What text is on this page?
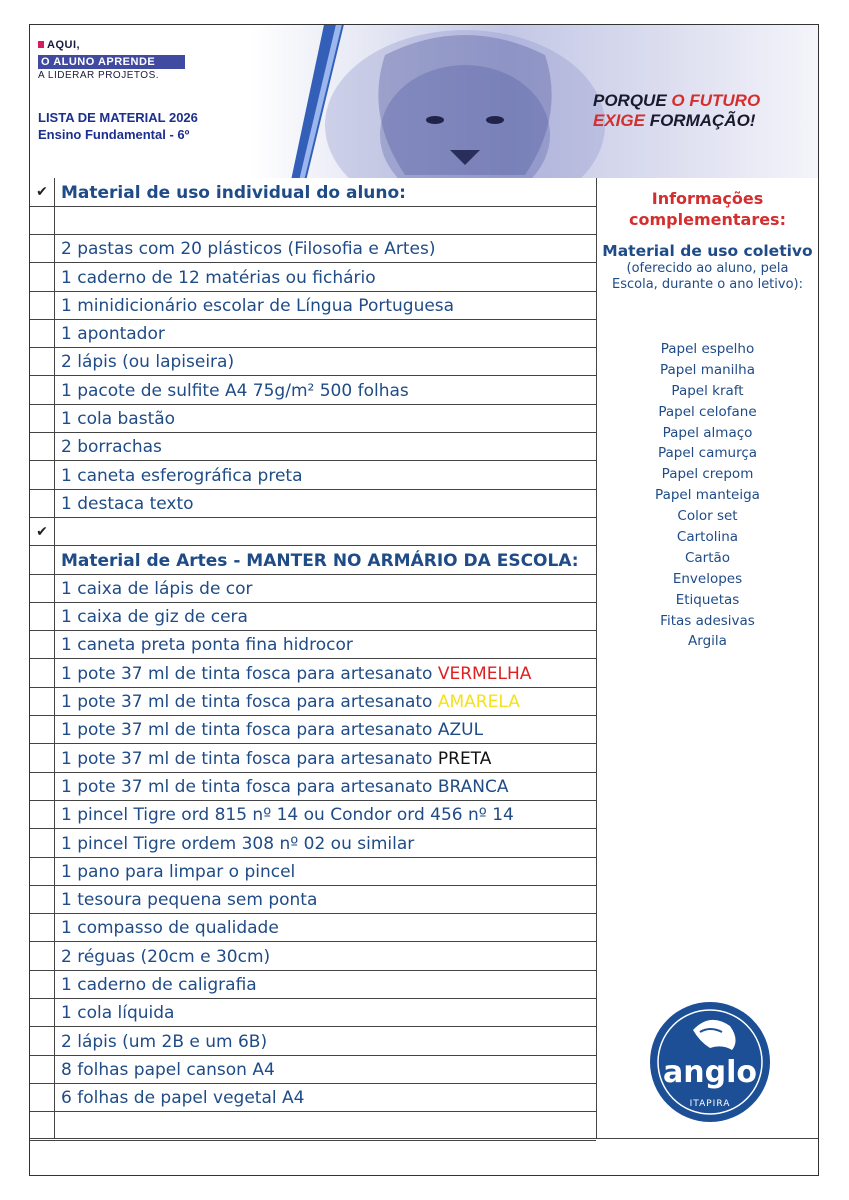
AQUI,
O ALUNO APRENDE
A LIDERAR PROJETOS.
LISTA DE MATERIAL 2026
Ensino Fundamental - 6º
PORQUE O FUTURO
EXIGE FORMAÇÃO!
✔ Material de uso individual do aluno:
2 pastas com 20 plásticos (Filosofia e Artes)
1 caderno de 12 matérias ou fichário
1 minidicionário escolar de Língua Portuguesa
1 apontador
2 lápis (ou lapiseira)
1 pacote de sulfite A4 75g/m² 500 folhas
1 cola bastão
2 borrachas
1 caneta esferográfica preta
1 destaca texto
✔
Material de Artes - MANTER NO ARMÁRIO DA ESCOLA:
1 caixa de lápis de cor
1 caixa de giz de cera
1 caneta preta ponta fina hidrocor
1 pote 37 ml de tinta fosca para artesanato VERMELHA
1 pote 37 ml de tinta fosca para artesanato AMARELA
1 pote 37 ml de tinta fosca para artesanato AZUL
1 pote 37 ml de tinta fosca para artesanato PRETA
1 pote 37 ml de tinta fosca para artesanato BRANCA
1 pincel Tigre ord 815 nº 14 ou Condor ord 456 nº 14
1 pincel Tigre ordem 308 nº 02 ou similar
1 pano para limpar o pincel
1 tesoura pequena sem ponta
1 compasso de qualidade
2 réguas (20cm e 30cm)
1 caderno de caligrafia
1 cola líquida
2 lápis (um 2B e um 6B)
8 folhas papel canson A4
6 folhas de papel vegetal A4
Informações
complementares:
Material de uso coletivo
(oferecido ao aluno, pela
Escola, durante o ano letivo):
Papel espelho
Papel manilha
Papel kraft
Papel celofane
Papel almaço
Papel camurça
Papel crepom
Papel manteiga
Color set
Cartolina
Cartão
Envelopes
Etiquetas
Fitas adesivas
Argila
anglo
ITAPIRA
